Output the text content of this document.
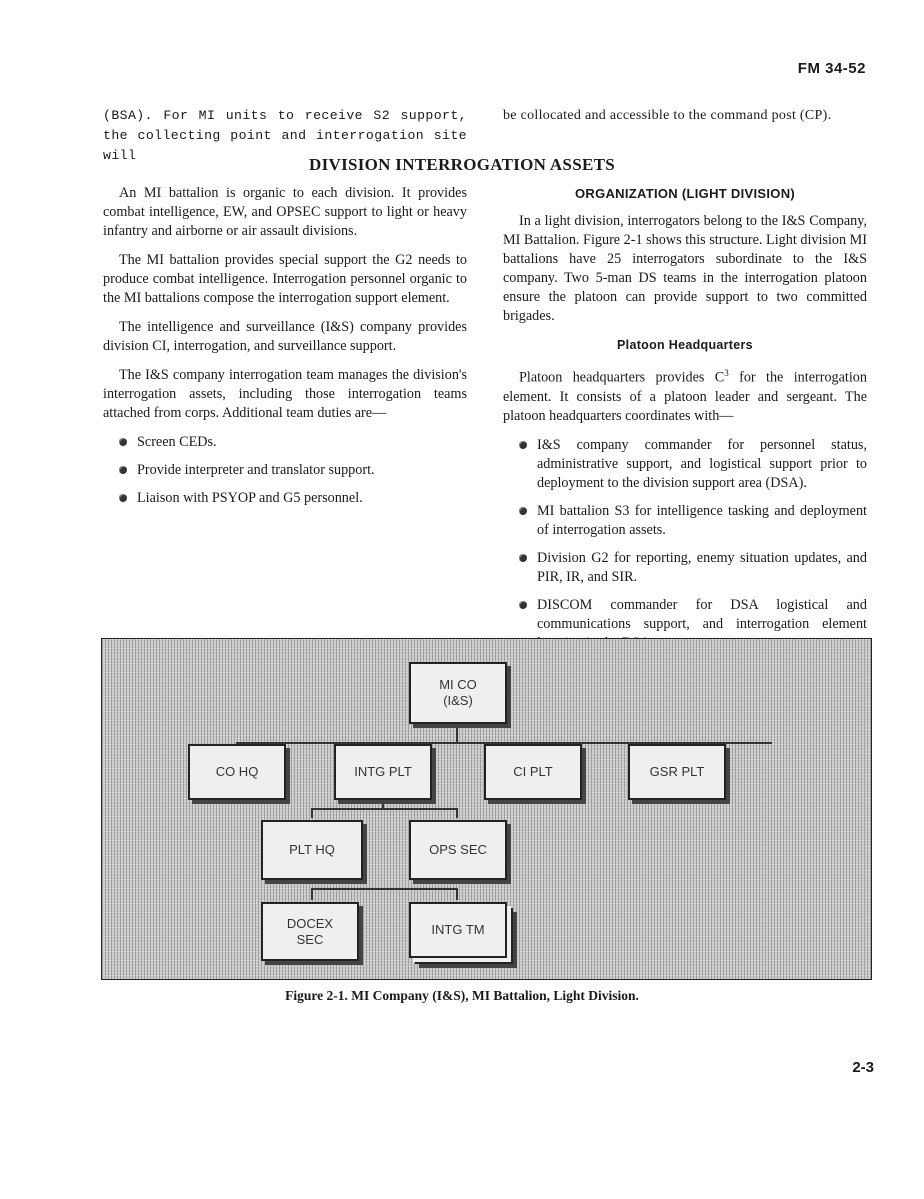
FM 34-52

(BSA). For MI units to receive S2 support, the collecting point and interrogation site will

be collocated and accessible to the command post (CP).

DIVISION INTERROGATION ASSETS

An MI battalion is organic to each division. It provides combat intelligence, EW, and OPSEC support to light or heavy infantry and airborne or air assault divisions.

The MI battalion provides special support the G2 needs to produce combat intelligence. Interrogation personnel organic to the MI battalions compose the interrogation support element.

The intelligence and surveillance (I&S) company provides division CI, interrogation, and surveillance support.

The I&S company interrogation team manages the division's interrogation assets, including those interrogation teams attached from corps. Additional team duties are—

Screen CEDs.
Provide interpreter and translator support.
Liaison with PSYOP and G5 personnel.
ORGANIZATION (LIGHT DIVISION)

In a light division, interrogators belong to the I&S Company, MI Battalion. Figure 2-1 shows this structure. Light division MI battalions have 25 interrogators subordinate to the I&S company. Two 5-man DS teams in the interrogation platoon ensure the platoon can provide support to two committed brigades.

Platoon Headquarters

Platoon headquarters provides $C^3$ for the interrogation element. It consists of a platoon leader and sergeant. The platoon headquarters coordinates with—

I&S company commander for personnel status, administrative support, and logistical support prior to deployment to the division support area (DSA).
MI battalion S3 for intelligence tasking and deployment of interrogation assets.
Division G2 for reporting, enemy situation updates, and PIR, IR, and SIR.
DISCOM commander for DSA logistical and communications support, and interrogation element
MI CO
(I&S)
CO HQ	INTG PLT	CI PLT	GSR PLT
PLT HQ	OPS SEC
DOCEX
SEC
INTG TM
Figure 2-1. MI Company (I&S), MI Battalion, Light Division.
2-3
